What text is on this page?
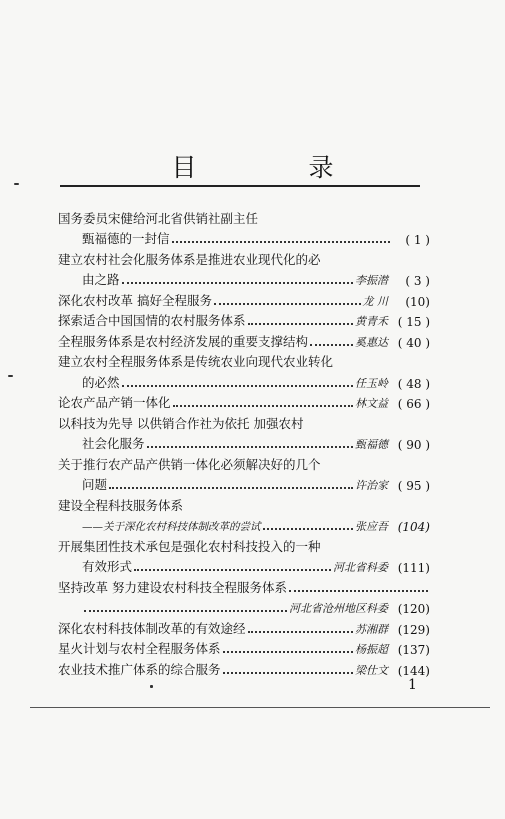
目 录
国务委员宋健给河北省供销社副主任
甄福德的一封信	( 1 )
建立农村社会化服务体系是推进农业现代化的必
由之路	李振潜	( 3 )
深化农村改革 搞好全程服务	龙 川	(10)
探索适合中国国情的农村服务体系	黄青禾 ( 15 )
全程服务体系是农村经济发展的重要支撑结构	奚惠达 ( 40 )
建立农村全程服务体系是传统农业向现代农业转化
的必然	任玉岭 ( 48 )
论农产品产销一体化	林文益 ( 66 )
以科技为先导 以供销合作社为依托 加强农村
社会化服务	甄福德 ( 90 )
关于推行农产品产供销一体化必须解决好的几个
问题	许治家 ( 95 )
建设全程科技服务体系
——关于深化农村科技体制改革的尝试	张应吾 (104)
开展集团性技术承包是强化农村科技投入的一种
有效形式	河北省科委 (111)
坚持改革 努力建设农村科技全程服务体系
河北省沧州地区科委 (120)
深化农村科技体制改革的有效途经	苏湘群 (129)
星火计划与农村全程服务体系	杨振超 (137)
农业技术推广体系的综合服务	梁仕文 (144)
1
